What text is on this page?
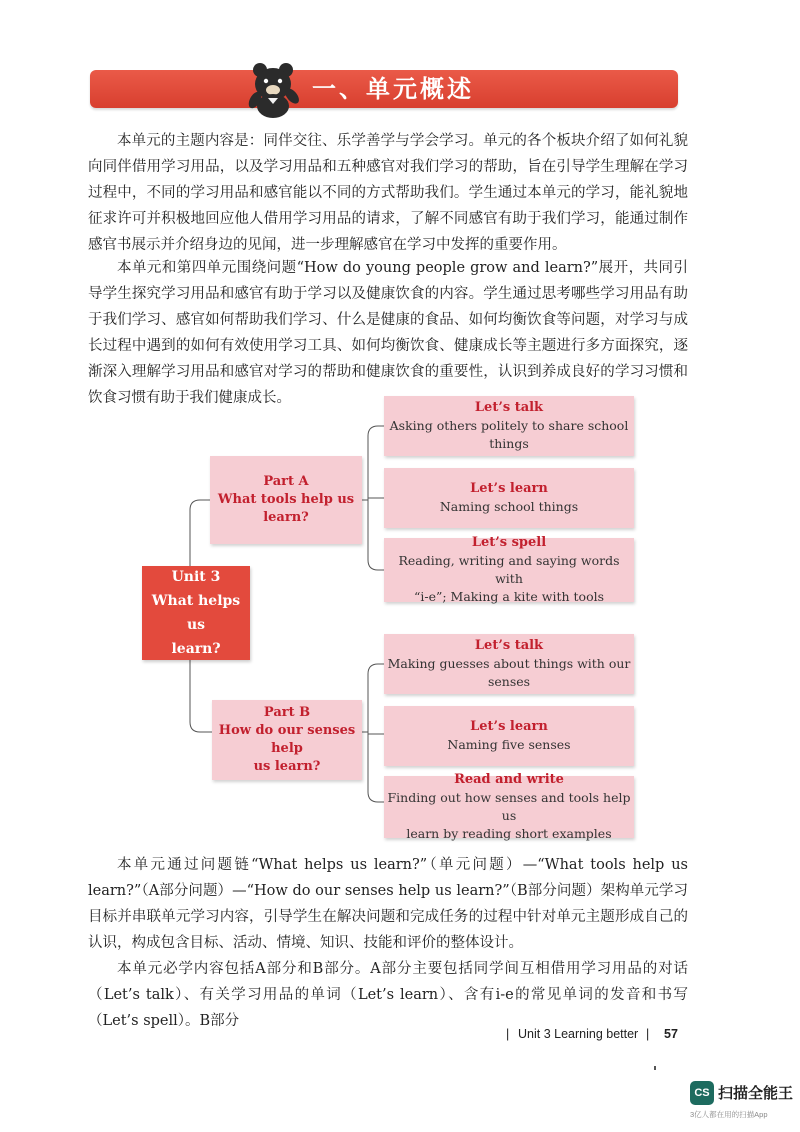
一、单元概述

本单元的主题内容是：同伴交往、乐学善学与学会学习。单元的各个板块介绍了如何礼貌向同伴借用学习用品，以及学习用品和五种感官对我们学习的帮助，旨在引导学生理解在学习过程中，不同的学习用品和感官能以不同的方式帮助我们。学生通过本单元的学习，能礼貌地征求许可并积极地回应他人借用学习用品的请求，了解不同感官有助于我们学习，能通过制作感官书展示并介绍身边的见闻，进一步理解感官在学习中发挥的重要作用。

本单元和第四单元围绕问题“How do young people grow and learn?”展开，共同引导学生探究学习用品和感官有助于学习以及健康饮食的内容。学生通过思考哪些学习用品有助于我们学习、感官如何帮助我们学习、什么是健康的食品、如何均衡饮食等问题，对学习与成长过程中遇到的如何有效使用学习工具、如何均衡饮食、健康成长等主题进行多方面探究，逐渐深入理解学习用品和感官对学习的帮助和健康饮食的重要性，认识到养成良好的学习习惯和饮食习惯有助于我们健康成长。

Unit 3
What helps us
learn?
Part A
What tools help us learn?
Part B
How do our senses help
us learn?
Let’s talk
Asking others politely to share school things
Let’s learn
Naming school things
Let’s spell
Reading, writing and saying words with
“i-e”; Making a kite with tools
Let’s talk
Making guesses about things with our senses
Let’s learn
Naming five senses
Read and write
Finding out how senses and tools help us
learn by reading short examples

本单元通过问题链“What helps us learn?”（单元问题）—“What tools help us learn?”（A部分问题）—“How do our senses help us learn?”（B部分问题）架构单元学习目标并串联单元学习内容，引导学生在解决问题和完成任务的过程中针对单元主题形成自己的认识，构成包含目标、活动、情境、知识、技能和评价的整体设计。

本单元必学内容包括A部分和B部分。A部分主要包括同学间互相借用学习用品的对话（Let’s talk）、有关学习用品的单词（Let’s learn）、含有i-e的常见单词的发音和书写（Let’s spell）。B部分

| Unit 3 Learning better | 57
CS 扫描全能王
3亿人都在用的扫描App
